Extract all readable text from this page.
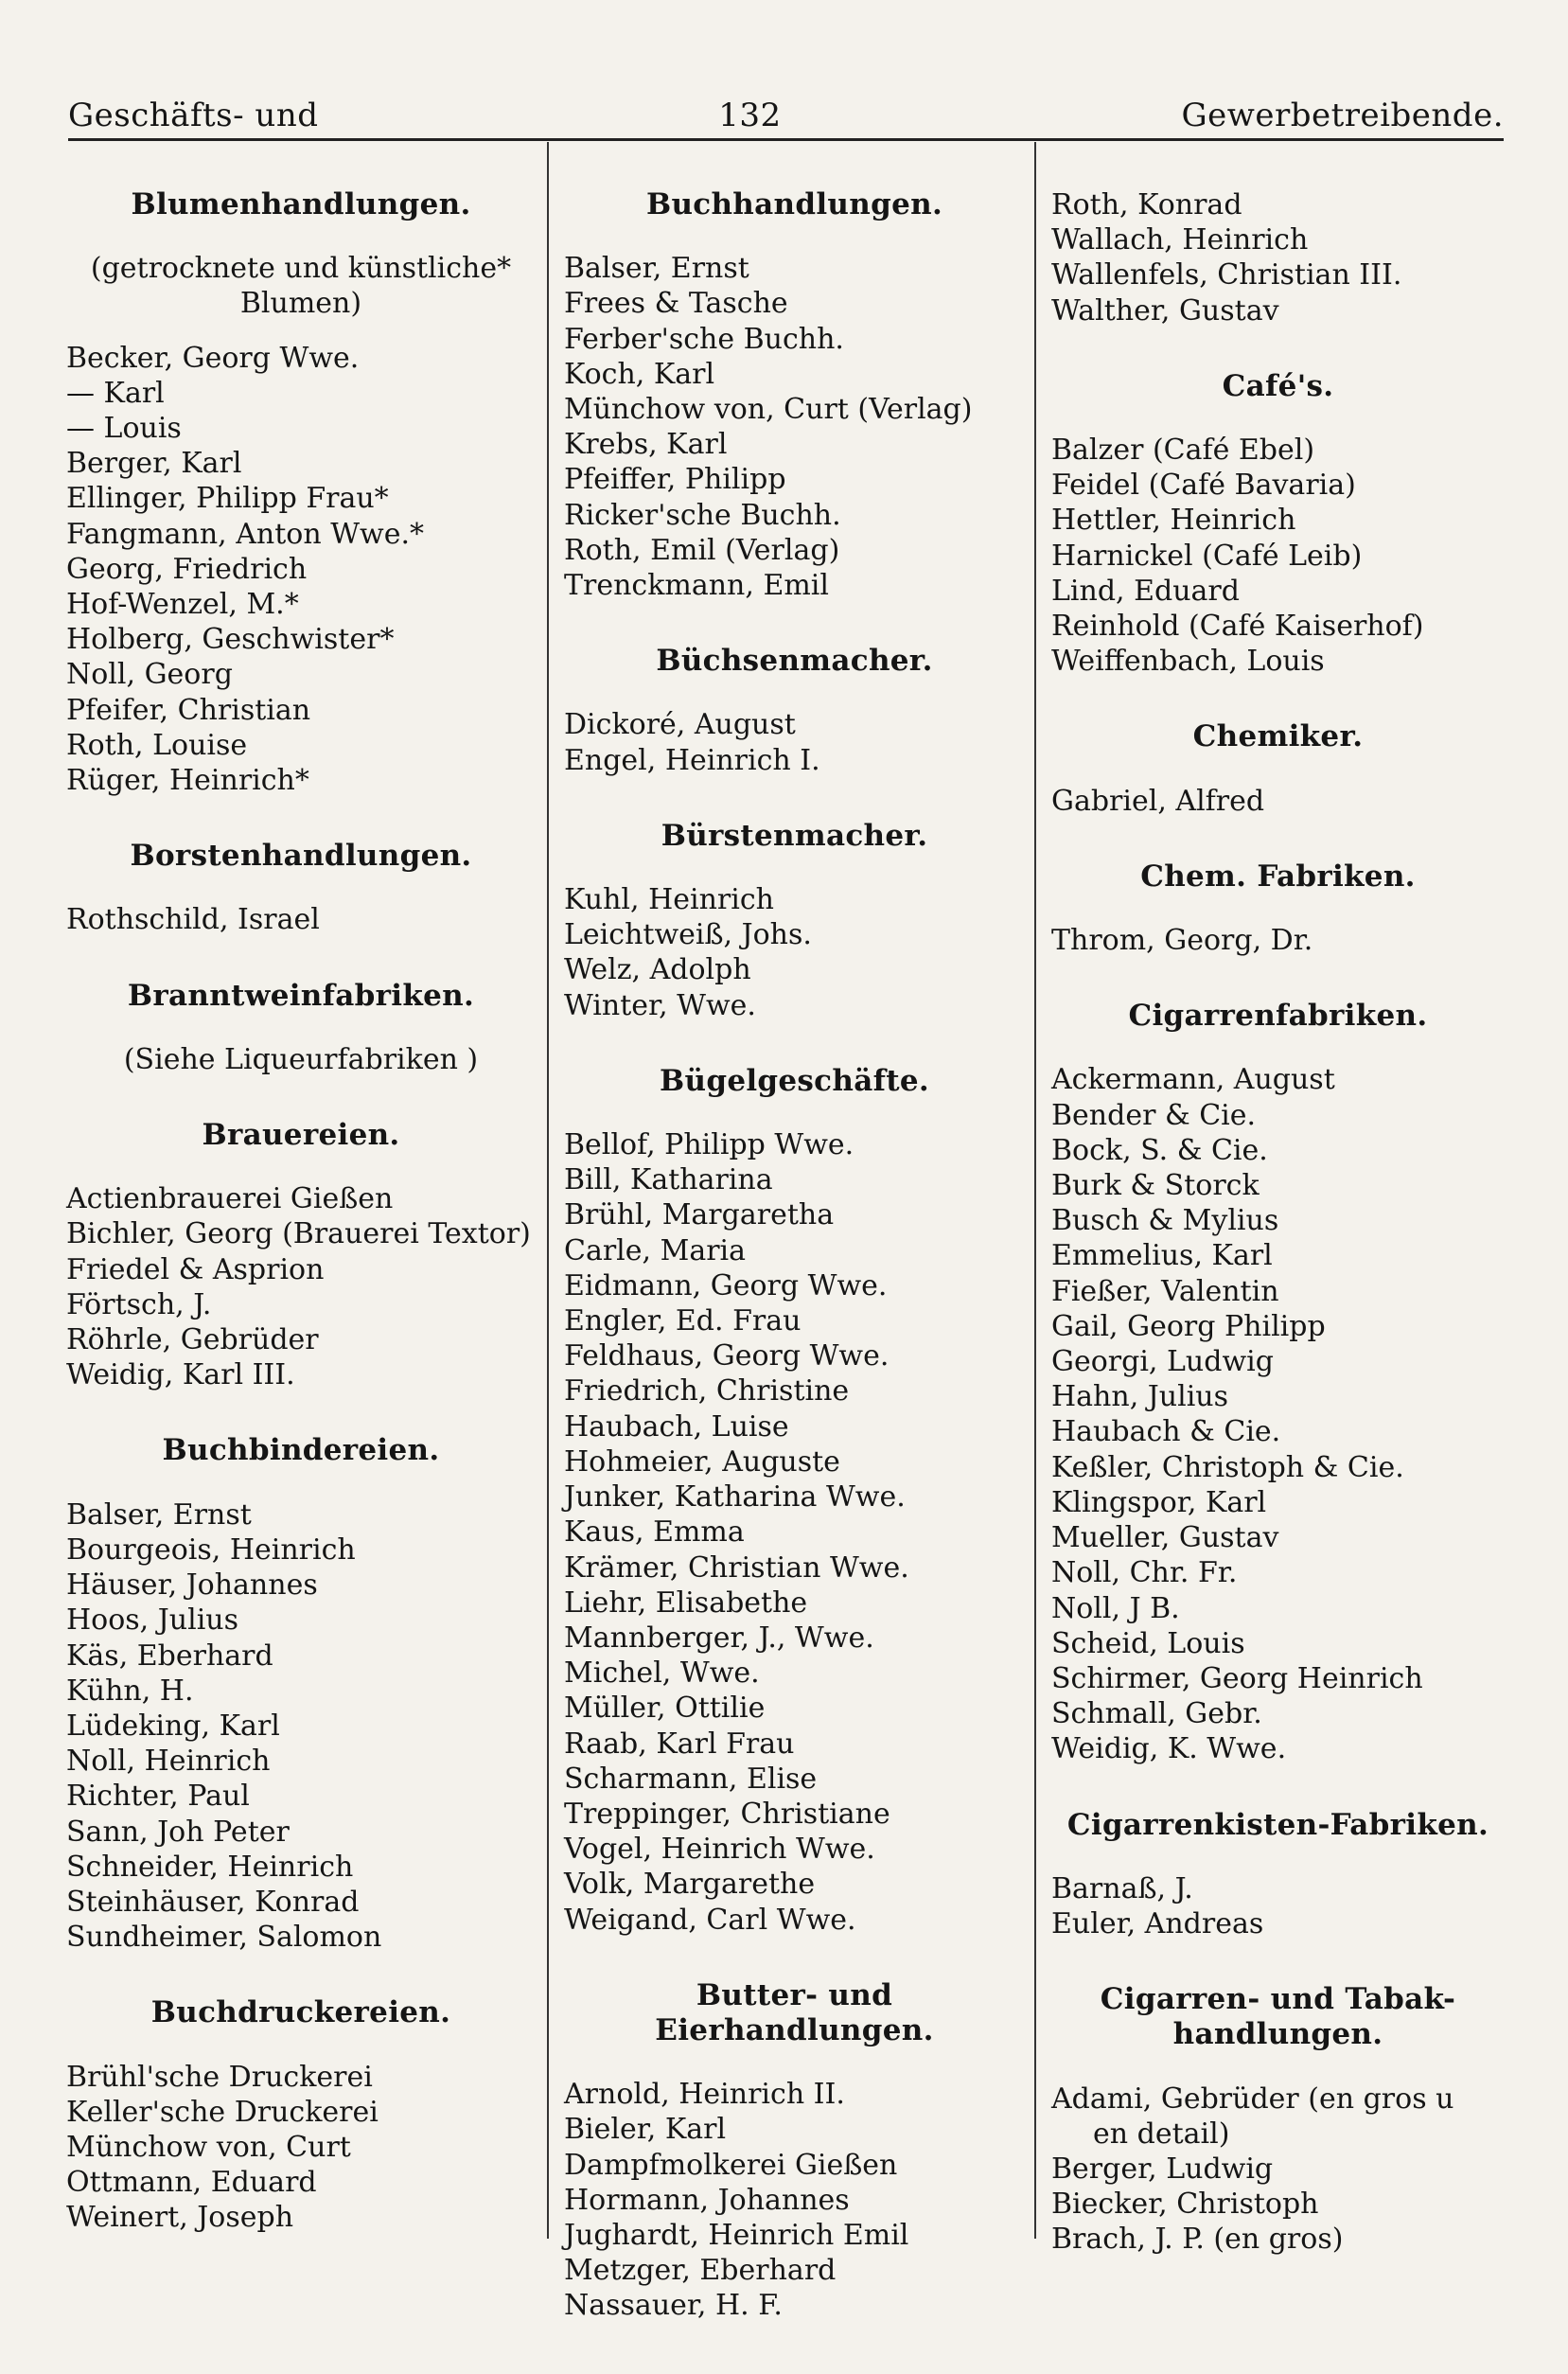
Geschäfts- und	132	Gewerbetreibende.
Blumenhandlungen.
(getrocknete und künstliche* Blumen)
Becker, Georg Wwe.
— Karl
— Louis
Berger, Karl
Ellinger, Philipp Frau*
Fangmann, Anton Wwe.*
Georg, Friedrich
Hof-Wenzel, M.*
Holberg, Geschwister*
Noll, Georg
Pfeifer, Christian
Roth, Louise
Rüger, Heinrich*
Borstenhandlungen.
Rothschild, Israel
Branntweinfabriken.
(Siehe Liqueurfabriken )
Brauereien.
Actienbrauerei Gießen
Bichler, Georg (Brauerei Textor)
Friedel & Asprion
Förtsch, J.
Röhrle, Gebrüder
Weidig, Karl III.
Buchbindereien.
Balser, Ernst
Bourgeois, Heinrich
Häuser, Johannes
Hoos, Julius
Käs, Eberhard
Kühn, H.
Lüdeking, Karl
Noll, Heinrich
Richter, Paul
Sann, Joh Peter
Schneider, Heinrich
Steinhäuser, Konrad
Sundheimer, Salomon
Buchdruckereien.
Brühl'sche Druckerei
Keller'sche Druckerei
Münchow von, Curt
Ottmann, Eduard
Weinert, Joseph
Buchhandlungen.
Balser, Ernst
Frees & Tasche
Ferber'sche Buchh.
Koch, Karl
Münchow von, Curt (Verlag)
Krebs, Karl
Pfeiffer, Philipp
Ricker'sche Buchh.
Roth, Emil (Verlag)
Trenckmann, Emil
Büchsenmacher.
Dickoré, August
Engel, Heinrich I.
Bürstenmacher.
Kuhl, Heinrich
Leichtweiß, Johs.
Welz, Adolph
Winter, Wwe.
Bügelgeschäfte.
Bellof, Philipp Wwe.
Bill, Katharina
Brühl, Margaretha
Carle, Maria
Eidmann, Georg Wwe.
Engler, Ed. Frau
Feldhaus, Georg Wwe.
Friedrich, Christine
Haubach, Luise
Hohmeier, Auguste
Junker, Katharina Wwe.
Kaus, Emma
Krämer, Christian Wwe.
Liehr, Elisabethe
Mannberger, J., Wwe.
Michel, Wwe.
Müller, Ottilie
Raab, Karl Frau
Scharmann, Elise
Treppinger, Christiane
Vogel, Heinrich Wwe.
Volk, Margarethe
Weigand, Carl Wwe.
Butter- und Eierhandlungen.
Arnold, Heinrich II.
Bieler, Karl
Dampfmolkerei Gießen
Hormann, Johannes
Jughardt, Heinrich Emil
Metzger, Eberhard
Nassauer, H. F.
Roth, Konrad
Wallach, Heinrich
Wallenfels, Christian III.
Walther, Gustav
Café's.
Balzer (Café Ebel)
Feidel (Café Bavaria)
Hettler, Heinrich
Harnickel (Café Leib)
Lind, Eduard
Reinhold (Café Kaiserhof)
Weiffenbach, Louis
Chemiker.
Gabriel, Alfred
Chem. Fabriken.
Throm, Georg, Dr.
Cigarrenfabriken.
Ackermann, August
Bender & Cie.
Bock, S. & Cie.
Burk & Storck
Busch & Mylius
Emmelius, Karl
Fießer, Valentin
Gail, Georg Philipp
Georgi, Ludwig
Hahn, Julius
Haubach & Cie.
Keßler, Christoph & Cie.
Klingspor, Karl
Mueller, Gustav
Noll, Chr. Fr.
Noll, J B.
Scheid, Louis
Schirmer, Georg Heinrich
Schmall, Gebr.
Weidig, K. Wwe.
Cigarrenkisten-Fabriken.
Barnaß, J.
Euler, Andreas
Cigarren- und Tabak-
handlungen.
Adami, Gebrüder (en gros u
en detail)
Berger, Ludwig
Biecker, Christoph
Brach, J. P. (en gros)
